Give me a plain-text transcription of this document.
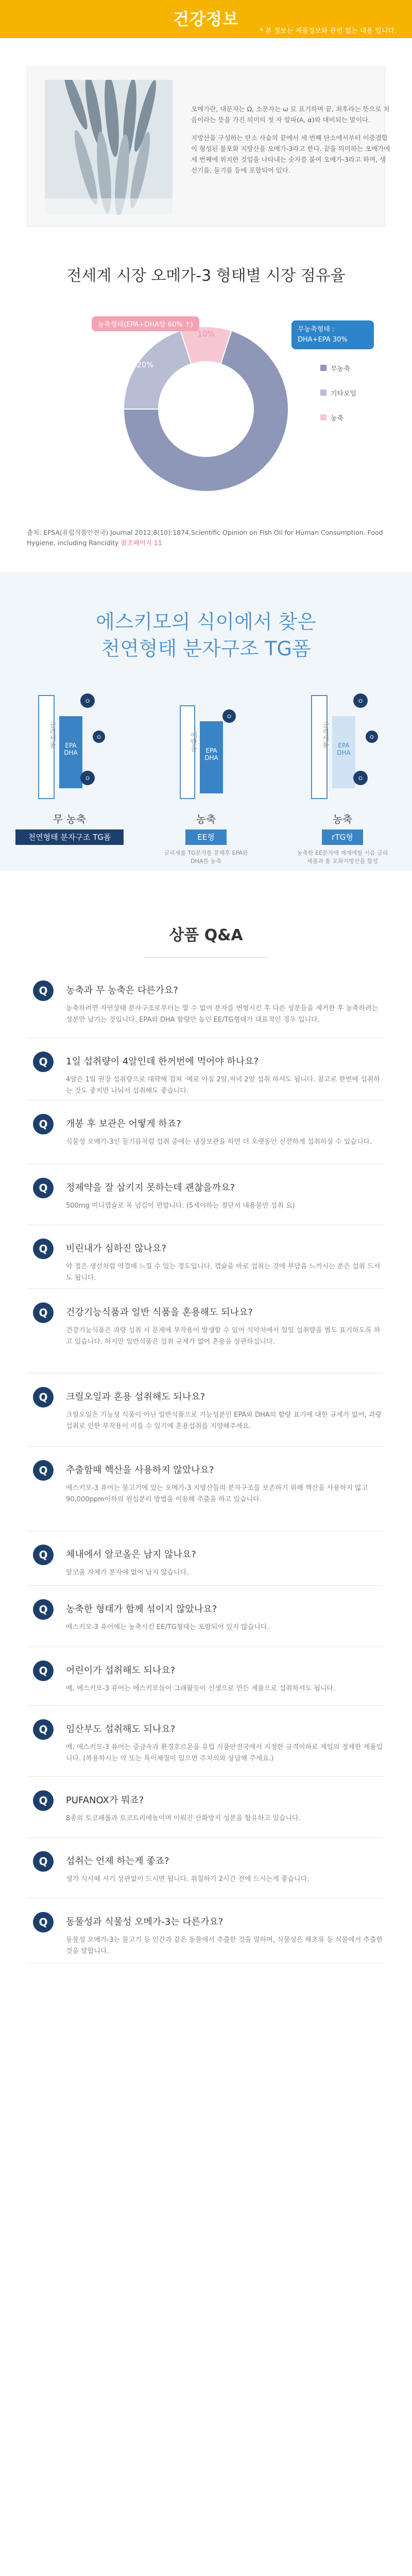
건강정보
* 본 정보는 제품정보와 관련 없는 내용 입니다.

오메가란, 대문자는 Ω, 소문자는 ω 로 표기하며 끝, 최후라는 뜻으로 처음이라는 뜻을 가진 의미의 첫 자 알파(A, α)와 대비되는 말이다.

지방산을 구성하는 탄소 사슬의 끝에서 세 번째 탄소에서부터 이중결합이 형성된 불포화 지방산을 오메가-3라고 한다. 끝을 의미하는 오메가에 세 번째에 위치한 것임을 나타내는 숫자를 붙여 오메가-3라고 하며, 생선기름, 들기름 등에 포함되어 있다.

전세계 시장 오메가-3 형태별 시장 점유율
70%
20%
10%
농축형태(EPA+DHA합 60% ↑)
무농축형태 :
DHA+EPA 30%
무농축
기타오일
농축
출처: EFSA(유럽식품안전국) Journal 2012;8(10):1874,Scientific Opinion on Fish Oil for Human Consumption. Food Hygiene, including Rancidity 참조페이지 11
에스키모의 식이에서 찾은
천연형태 분자구조 TG폼
O
O
O
글리세롤	EPA DHA
무 농축
천연형태 분자구조 TG폼
O
에탄올	EPA DHA
농축
EE형
글리세롤 TG분자를 분해후 EPA와 DHA를 농축
O
O
O
글리세롤	EPA DHA
농축
rTG형
농축한 EE분자에 재재에틸 시음 글리세롤과 통 포화지방산을 합성
상품 Q&A
Q	농축과 무 농축은 다른가요?
농축하려면 자연상태 분자구조로부터는 할 수 없어 분자를 변형시킨 후 다른 성분들을 제거한 후 농축하려는 성분만 남기는 것입니다. EPA와 DHA 함량만 높인 EE/TG형태가 대표적인 경우 입니다.
Q	1일 섭취량이 4알인데 한꺼번에 먹어야 하나요?
4알은 1일 권장 섭취량으로 대략해 걸쳐 ·예로 아침 2알,저녁 2알 섭취 하셔도 됩니다. 참고로 한번에 섭취하는 것도 좋지만 나눠서 섭취해도 좋습니다.
Q	개봉 후 보관은 어떻게 하죠?
식물성 오메가-3인 들기름처럼 섭취 중에는 냉장보관을 하면 더 오랫동안 신선하게 섭취하실 수 있습니다.
Q	정제약을 잘 삼키지 못하는데 괜찮을까요?
500mg 미니캡슐로 목 넘김이 편합니다. (5세이하는 절단서 내용물만 섭취 요)
Q	비린내가 심하진 않나요?
약 접은 생선처럼 역결때 느낄 수 있는 정도입니다. 캡슐을 바로 섭취는 것에 부담을 느끼시는 분은 섭취 드셔도 됩니다.
Q	건강기능식품과 일반 식품을 혼용해도 되나요?
건강기능식품은 과량 섭취 시 문제에 부작용이 발생할 수 있어 식약처에서 일일 섭취량을 별도 표기하도록 하고 있습니다. 하지만 일반식품은 섭취 규제가 없어 혼용을 상관하십니다.
Q	크릴오일과 혼용 섭취해도 되나요?
크릴오일은 기능성 식품이 아닌 일반식품으로 기능성분인 EPA와 DHA의 함량 표기에 대한 규제가 없어, 과량섭취로 인한 부작용이 미를 수 있기에 혼용섭취를 지양해주세요.
Q	추출함때 핵산을 사용하지 않았나요?
에스키모-3 퓨어는 물고기에 있는 오메가-3 지방산들의 분자구조를 보존하기 위해 핵산을 사용하지 않고 90,000ppm이하의 원심분리 방법을 이용해 추출을 하고 있습니다.
Q	체내에서 알코올은 남지 않나요?
알코올 자체가 분자에 없어 남지 않습니다.
Q	농축한 형태가 함께 섞이지 않았나요?
에스키모-3 퓨어에는 농축시킨 EE/TG형태는 포함되어 있지 않습니다.
Q	어린이가 섭취해도 되나요?
예, 에스키모-3 퓨어는 에스키모들이 그래왔듯이 신생으로 만든 제품으로 섭취하셔도 됩니다.
Q	임산부도 섭취해도 되나요?
예, 에스키모-3 퓨어는 중금속과 환경호르몬을 유럽 식품안전국에서 지정한 규격이하로 제일의 정제한 제품입니다. (복용하시는 약 또는 특이체질이 있으면 주치의와 상담해 주세요.)
Q	PUFANOX가 뭐죠?
8종의 토코페롤과 토코트리에놀이며 이뤄진 산화방지 성분을 함유하고 있습니다.
Q	섭취는 언제 하는게 좋죠?
생가 식사때 시기 상관없이 드시면 됩니다. 취침하기 2시간 전에 드시는게 좋습니다.
Q	동물성과 식물성 오메가-3는 다른가요?
동물성 오메가-3는 물고기 등 인간과 같은 동물에서 추출한 것을 말하며, 식물성은 해초류 등 식물에서 추출한 것을 말합니다.
